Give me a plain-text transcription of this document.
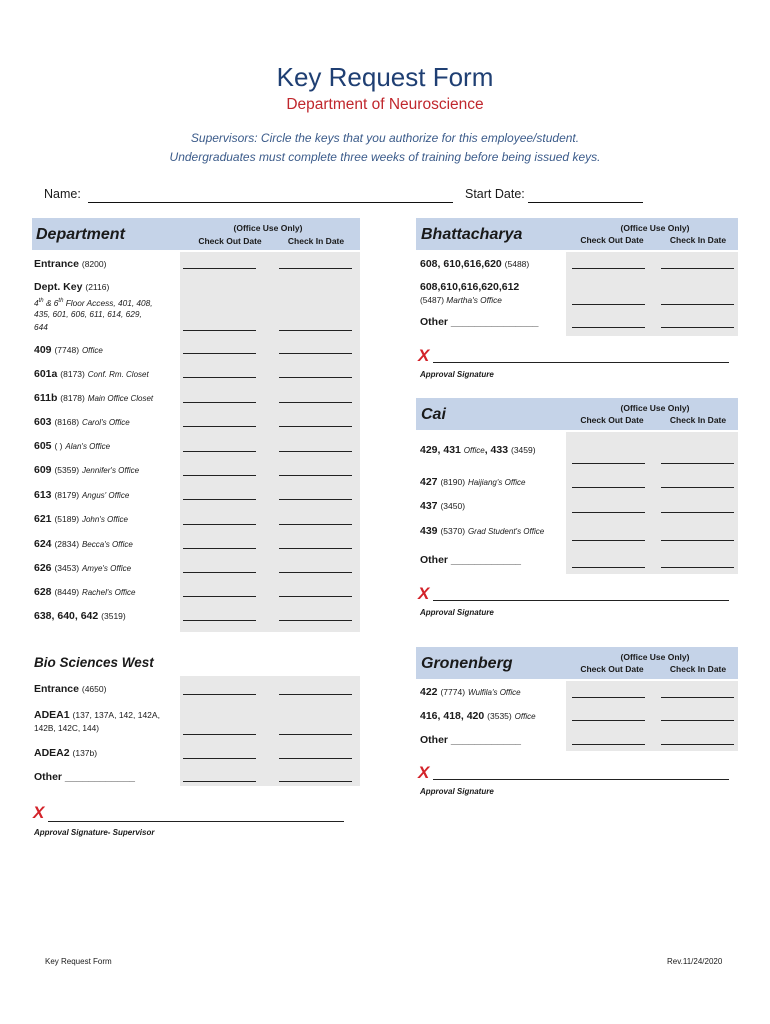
Key Request Form
Department of Neuroscience
Supervisors: Circle the keys that you authorize for this employee/student.
Undergraduates must complete three weeks of training before being issued keys.
Name:	Start Date:
Department	(Office Use Only)
Check Out Date	Check In Date
Entrance (8200)
Dept. Key (2116)
4th & 6th Floor Access, 401, 408,
435, 601, 606, 611, 614, 629,
644
409 (7748) Office
601a (8173) Conf. Rm. Closet
611b (8178) Main Office Closet
603 (8168) Carol's Office
605 ( ) Alan's Office
609 (5359) Jennifer's Office
613 (8179) Angus' Office
621 (5189) John's Office
624 (2834) Becca's Office
626 (3453) Amye's Office
628 (8449) Rachel's Office
638, 640, 642 (3519)
Bio Sciences West
Entrance (4650)
ADEA1 (137, 137A, 142, 142A,
142B, 142C, 144)
ADEA2 (137b)
Other ____________
X
Approval Signature- Supervisor
Bhattacharya	(Office Use Only)
Check Out Date	Check In Date
608, 610,616,620 (5488)
608,610,616,620,612
(5487) Martha's Office
Other _______________
X
Approval Signature
Cai	(Office Use Only)
Check Out Date	Check In Date
429, 431 Office, 433 (3459)
427 (8190) Haijiang's Office
437 (3450)
439 (5370) Grad Student's Office
Other ____________
X
Approval Signature
Gronenberg	(Office Use Only)
Check Out Date	Check In Date
422 (7774) Wulfila's Office
416, 418, 420 (3535) Office
Other ____________
X
Approval Signature
Key Request Form	Rev.11/24/2020
